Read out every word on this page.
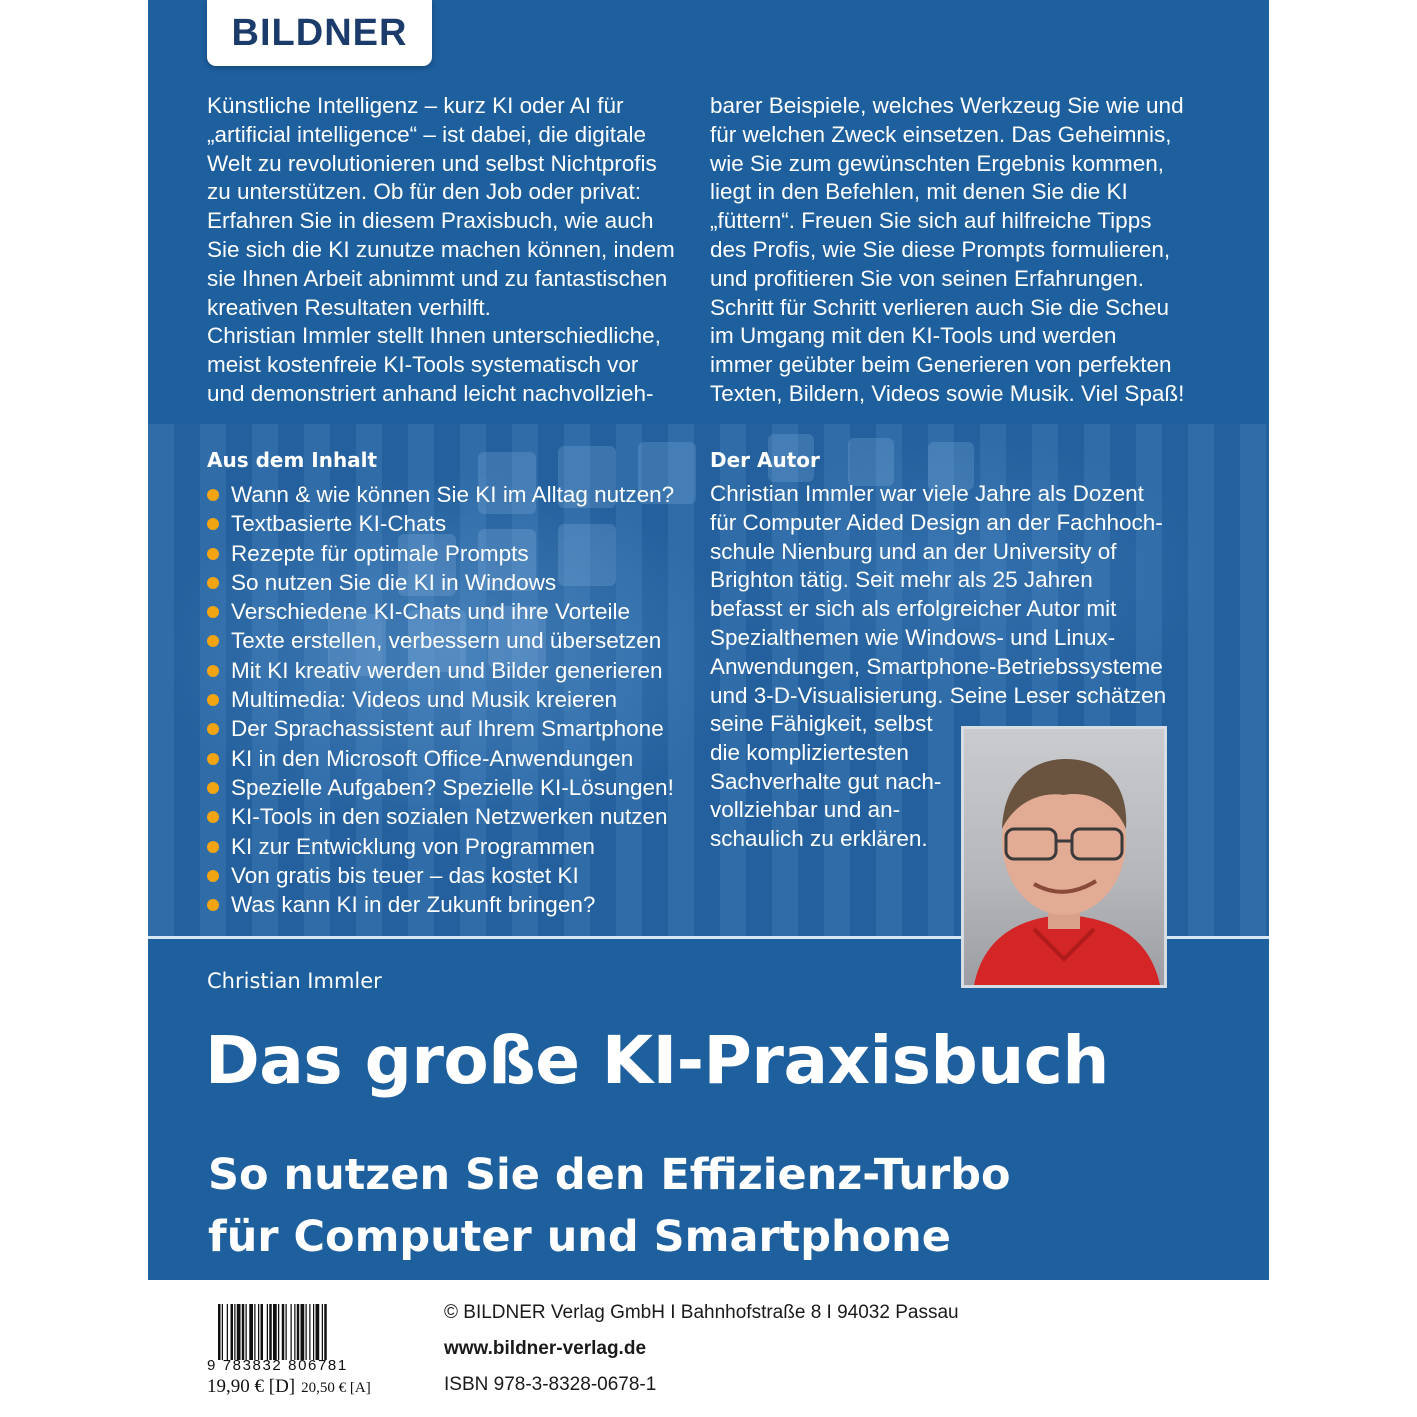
BILDNER
Künstliche Intelligenz – kurz KI oder AI für
„artificial intelligence“ – ist dabei, die digitale
Welt zu revolutionieren und selbst Nichtprofis
zu unterstützen. Ob für den Job oder privat:
Erfahren Sie in diesem Praxisbuch, wie auch
Sie sich die KI zunutze machen können, indem
sie Ihnen Arbeit abnimmt und zu fantastischen
kreativen Resultaten verhilft.
Christian Immler stellt Ihnen unterschiedliche,
meist kostenfreie KI-Tools systematisch vor
und demonstriert anhand leicht nachvollzieh-
barer Beispiele, welches Werkzeug Sie wie und
für welchen Zweck einsetzen. Das Geheimnis,
wie Sie zum gewünschten Ergebnis kommen,
liegt in den Befehlen, mit denen Sie die KI
„füttern“. Freuen Sie sich auf hilfreiche Tipps
des Profis, wie Sie diese Prompts formulieren,
und profitieren Sie von seinen Erfahrungen.
Schritt für Schritt verlieren auch Sie die Scheu
im Umgang mit den KI-Tools und werden
immer geübter beim Generieren von perfekten
Texten, Bildern, Videos sowie Musik. Viel Spaß!
Aus dem Inhalt
Wann & wie können Sie KI im Alltag nutzen?
Textbasierte KI-Chats
Rezepte für optimale Prompts
So nutzen Sie die KI in Windows
Verschiedene KI-Chats und ihre Vorteile
Texte erstellen, verbessern und übersetzen
Mit KI kreativ werden und Bilder generieren
Multimedia: Videos und Musik kreieren
Der Sprachassistent auf Ihrem Smartphone
KI in den Microsoft Office-Anwendungen
Spezielle Aufgaben? Spezielle KI-Lösungen!
KI-Tools in den sozialen Netzwerken nutzen
KI zur Entwicklung von Programmen
Von gratis bis teuer – das kostet KI
Was kann KI in der Zukunft bringen?
Der Autor
Christian Immler war viele Jahre als Dozent
für Computer Aided Design an der Fachhoch-
schule Nienburg und an der University of
Brighton tätig. Seit mehr als 25 Jahren
befasst er sich als erfolgreicher Autor mit
Spezialthemen wie Windows- und Linux-
Anwendungen, Smartphone-Betriebssysteme
und 3-D-Visualisierung. Seine Leser schätzen
seine Fähigkeit, selbst
die kompliziertesten
Sachverhalte gut nach-
vollziehbar und an-
schaulich zu erklären.
Christian Immler
Das große KI-Praxisbuch
So nutzen Sie den Effizienz-Turbo
für Computer und Smartphone
9 783832 806781
19,90 € [D] 20,50 € [A]
© BILDNER Verlag GmbH I Bahnhofstraße 8 I 94032 Passau
www.bildner-verlag.de
ISBN 978-3-8328-0678-1
